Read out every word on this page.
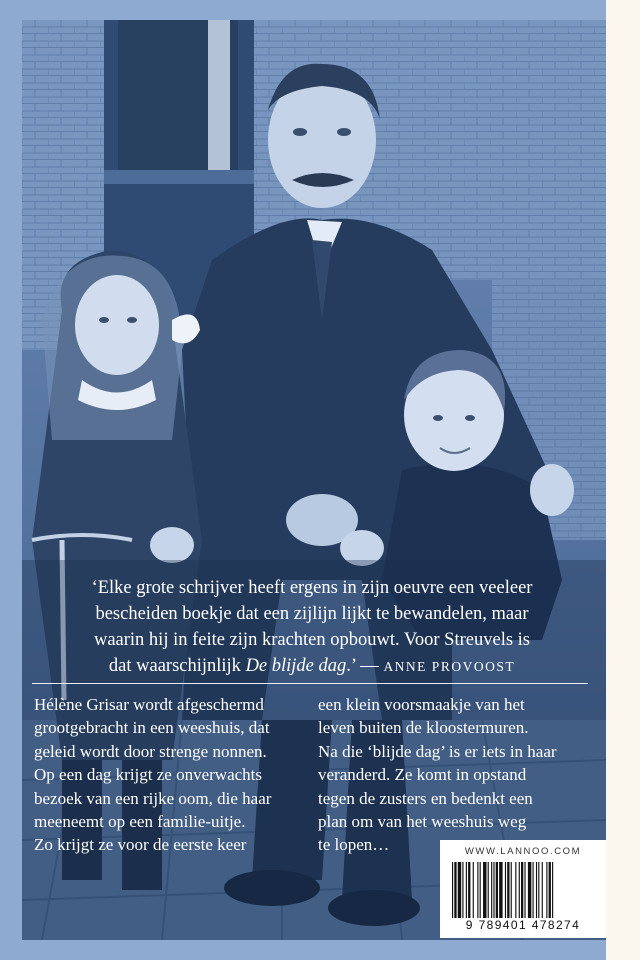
‘Elke grote schrijver heeft ergens in zijn oeuvre een veeleer
bescheiden boekje dat een zijlijn lijkt te bewandelen, maar
waarin hij in feite zijn krachten opbouwt. Voor Streuvels is
dat waarschijnlijk De blijde dag.’ — ANNE PROVOOST
Hélène Grisar wordt afgeschermd
grootgebracht in een weeshuis, dat
geleid wordt door strenge nonnen.
Op een dag krijgt ze onverwachts
bezoek van een rijke oom, die haar
meeneemt op een familie-uitje.
Zo krijgt ze voor de eerste keer
een klein voorsmaakje van het
leven buiten de kloostermuren.
Na die ‘blijde dag’ is er iets in haar
veranderd. Ze komt in opstand
tegen de zusters en bedenkt een
plan om van het weeshuis weg
te lopen…	WWW.LANNOO.COM
9 789401 478274
